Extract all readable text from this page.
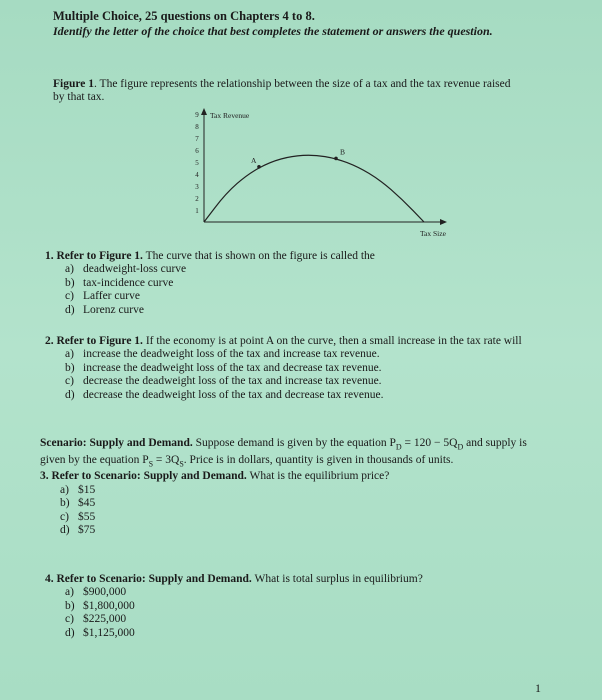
Multiple Choice, 25 questions on Chapters 4 to 8.
Identify the letter of the choice that best completes the statement or answers the question.
Figure 1. The figure represents the relationship between the size of a tax and the tax revenue raised by that tax.
1
2
3
4
5
6
7
8
9 Tax Revenue
Tax Size
A
B
1. Refer to Figure 1. The curve that is shown on the figure is called the
a) deadweight-loss curve
b) tax-incidence curve
c) Laffer curve
d) Lorenz curve
2. Refer to Figure 1. If the economy is at point A on the curve, then a small increase in the tax rate will
a) increase the deadweight loss of the tax and increase tax revenue.
b) increase the deadweight loss of the tax and decrease tax revenue.
c) decrease the deadweight loss of the tax and increase tax revenue.
d) decrease the deadweight loss of the tax and decrease tax revenue.
Scenario: Supply and Demand. Suppose demand is given by the equation $P_D = 120 - 5Q_D$ and supply is given by the equation $P_S = 3Q_S$. Price is in dollars, quantity is given in thousands of units.
3. Refer to Scenario: Supply and Demand. What is the equilibrium price?
a) $15
b) $45
c) $55
d) $75
4. Refer to Scenario: Supply and Demand. What is total surplus in equilibrium?
a) $900,000
b) $1,800,000
c) $225,000
d) $1,125,000
1
